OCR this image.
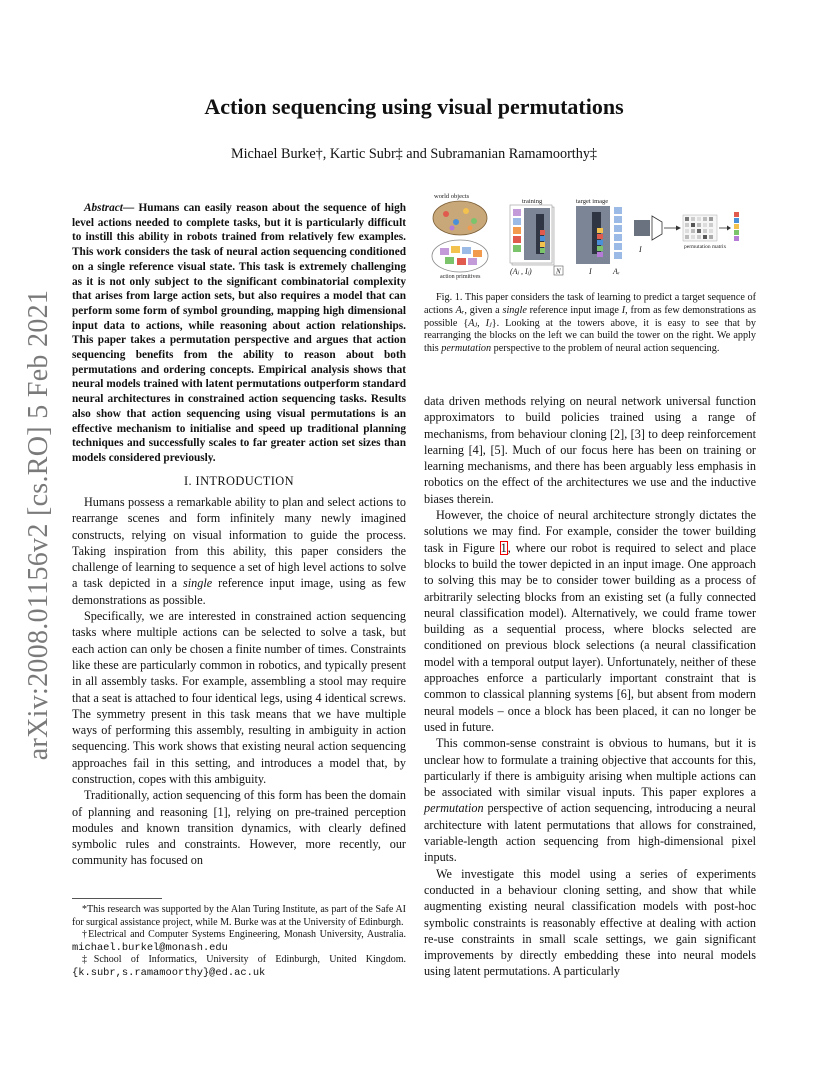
arXiv:2008.01156v2 [cs.RO] 5 Feb 2021
Action sequencing using visual permutations
Michael Burke†, Kartic Subr‡ and Subramanian Ramamoorthy‡

Abstract— Humans can easily reason about the sequence of high level actions needed to complete tasks, but it is particularly difficult to instill this ability in robots trained from relatively few examples. This work considers the task of neural action sequencing conditioned on a single reference visual state. This task is extremely challenging as it is not only subject to the significant combinatorial complexity that arises from large action sets, but also requires a model that can perform some form of symbol grounding, mapping high dimensional input data to actions, while reasoning about action relationships. This paper takes a permutation perspective and argues that action sequencing benefits from the ability to reason about both permutations and ordering concepts. Empirical analysis shows that neural models trained with latent permutations outperform standard neural architectures in constrained action sequencing tasks. Results also show that action sequencing using visual permutations is an effective mechanism to initialise and speed up traditional planning techniques and successfully scales to far greater action set sizes than models considered previously.

I. INTRODUCTION

Humans possess a remarkable ability to plan and select actions to rearrange scenes and form infinitely many newly imagined constructs, relying on visual information to guide the process. Taking inspiration from this ability, this paper considers the challenge of learning to sequence a set of high level actions to solve a task depicted in a single reference input image, using as few demonstrations as possible.

Specifically, we are interested in constrained action sequencing tasks where multiple actions can be selected to solve a task, but each action can only be chosen a finite number of times. Constraints like these are particularly common in robotics, and typically present in all assembly tasks. For example, assembling a stool may require that a seat is attached to four identical legs, using 4 identical screws. The symmetry present in this task means that we have multiple ways of performing this assembly, resulting in ambiguity in action sequencing. This work shows that existing neural action sequencing approaches fail in this setting, and introduces a model that, by construction, copes with this ambiguity.

Traditionally, action sequencing of this form has been the domain of planning and reasoning [1], relying on pre-trained perception modules and known transition dynamics, with clearly defined symbolic rules and constraints. However, more recently, our community has focused on

*This research was supported by the Alan Turing Institute, as part of the Safe AI for surgical assistance project, while M. Burke was at the University of Edinburgh.

†Electrical and Computer Systems Engineering, Monash University, Australia. michael.burkel@monash.edu

‡School of Informatics, University of Edinburgh, United Kingdom. {k.subr,s.ramamoorthy}@ed.ac.uk

world objects
action primitives
training
(Aⱼ , Iⱼ)	N
target image
I	Aᵣ
I	permutation matrix

Fig. 1. This paper considers the task of learning to predict a target sequence of actions Aᵣ, given a single reference input image I, from as few demonstrations as possible {Aⱼ, Iⱼ}. Looking at the towers above, it is easy to see that by rearranging the blocks on the left we can build the tower on the right. We apply this permutation perspective to the problem of neural action sequencing.

data driven methods relying on neural network universal function approximators to build policies trained using a range of mechanisms, from behaviour cloning [2], [3] to deep reinforcement learning [4], [5]. Much of our focus here has been on training or learning mechanisms, and there has been arguably less emphasis in robotics on the effect of the architectures we use and the inductive biases therein.

However, the choice of neural architecture strongly dictates the solutions we may find. For example, consider the tower building task in Figure 1, where our robot is required to select and place blocks to build the tower depicted in an input image. One approach to solving this may be to consider tower building as a process of arbitrarily selecting blocks from an existing set (a fully connected neural classification model). Alternatively, we could frame tower building as a sequential process, where blocks selected are conditioned on previous block selections (a neural classification model with a temporal output layer). Unfortunately, neither of these approaches enforce a particularly important constraint that is common to classical planning systems [6], but absent from modern neural models – once a block has been placed, it can no longer be used in future.

This common-sense constraint is obvious to humans, but it is unclear how to formulate a training objective that accounts for this, particularly if there is ambiguity arising when multiple actions can be associated with similar visual inputs. This paper explores a permutation perspective of action sequencing, introducing a neural architecture with latent permutations that allows for constrained, variable-length action sequencing from high-dimensional pixel inputs.

We investigate this model using a series of experiments conducted in a behaviour cloning setting, and show that while augmenting existing neural classification models with post-hoc symbolic constraints is reasonably effective at dealing with action re-use constraints in small scale settings, we gain significant improvements by directly embedding these into neural models using latent permutations. A particularly
